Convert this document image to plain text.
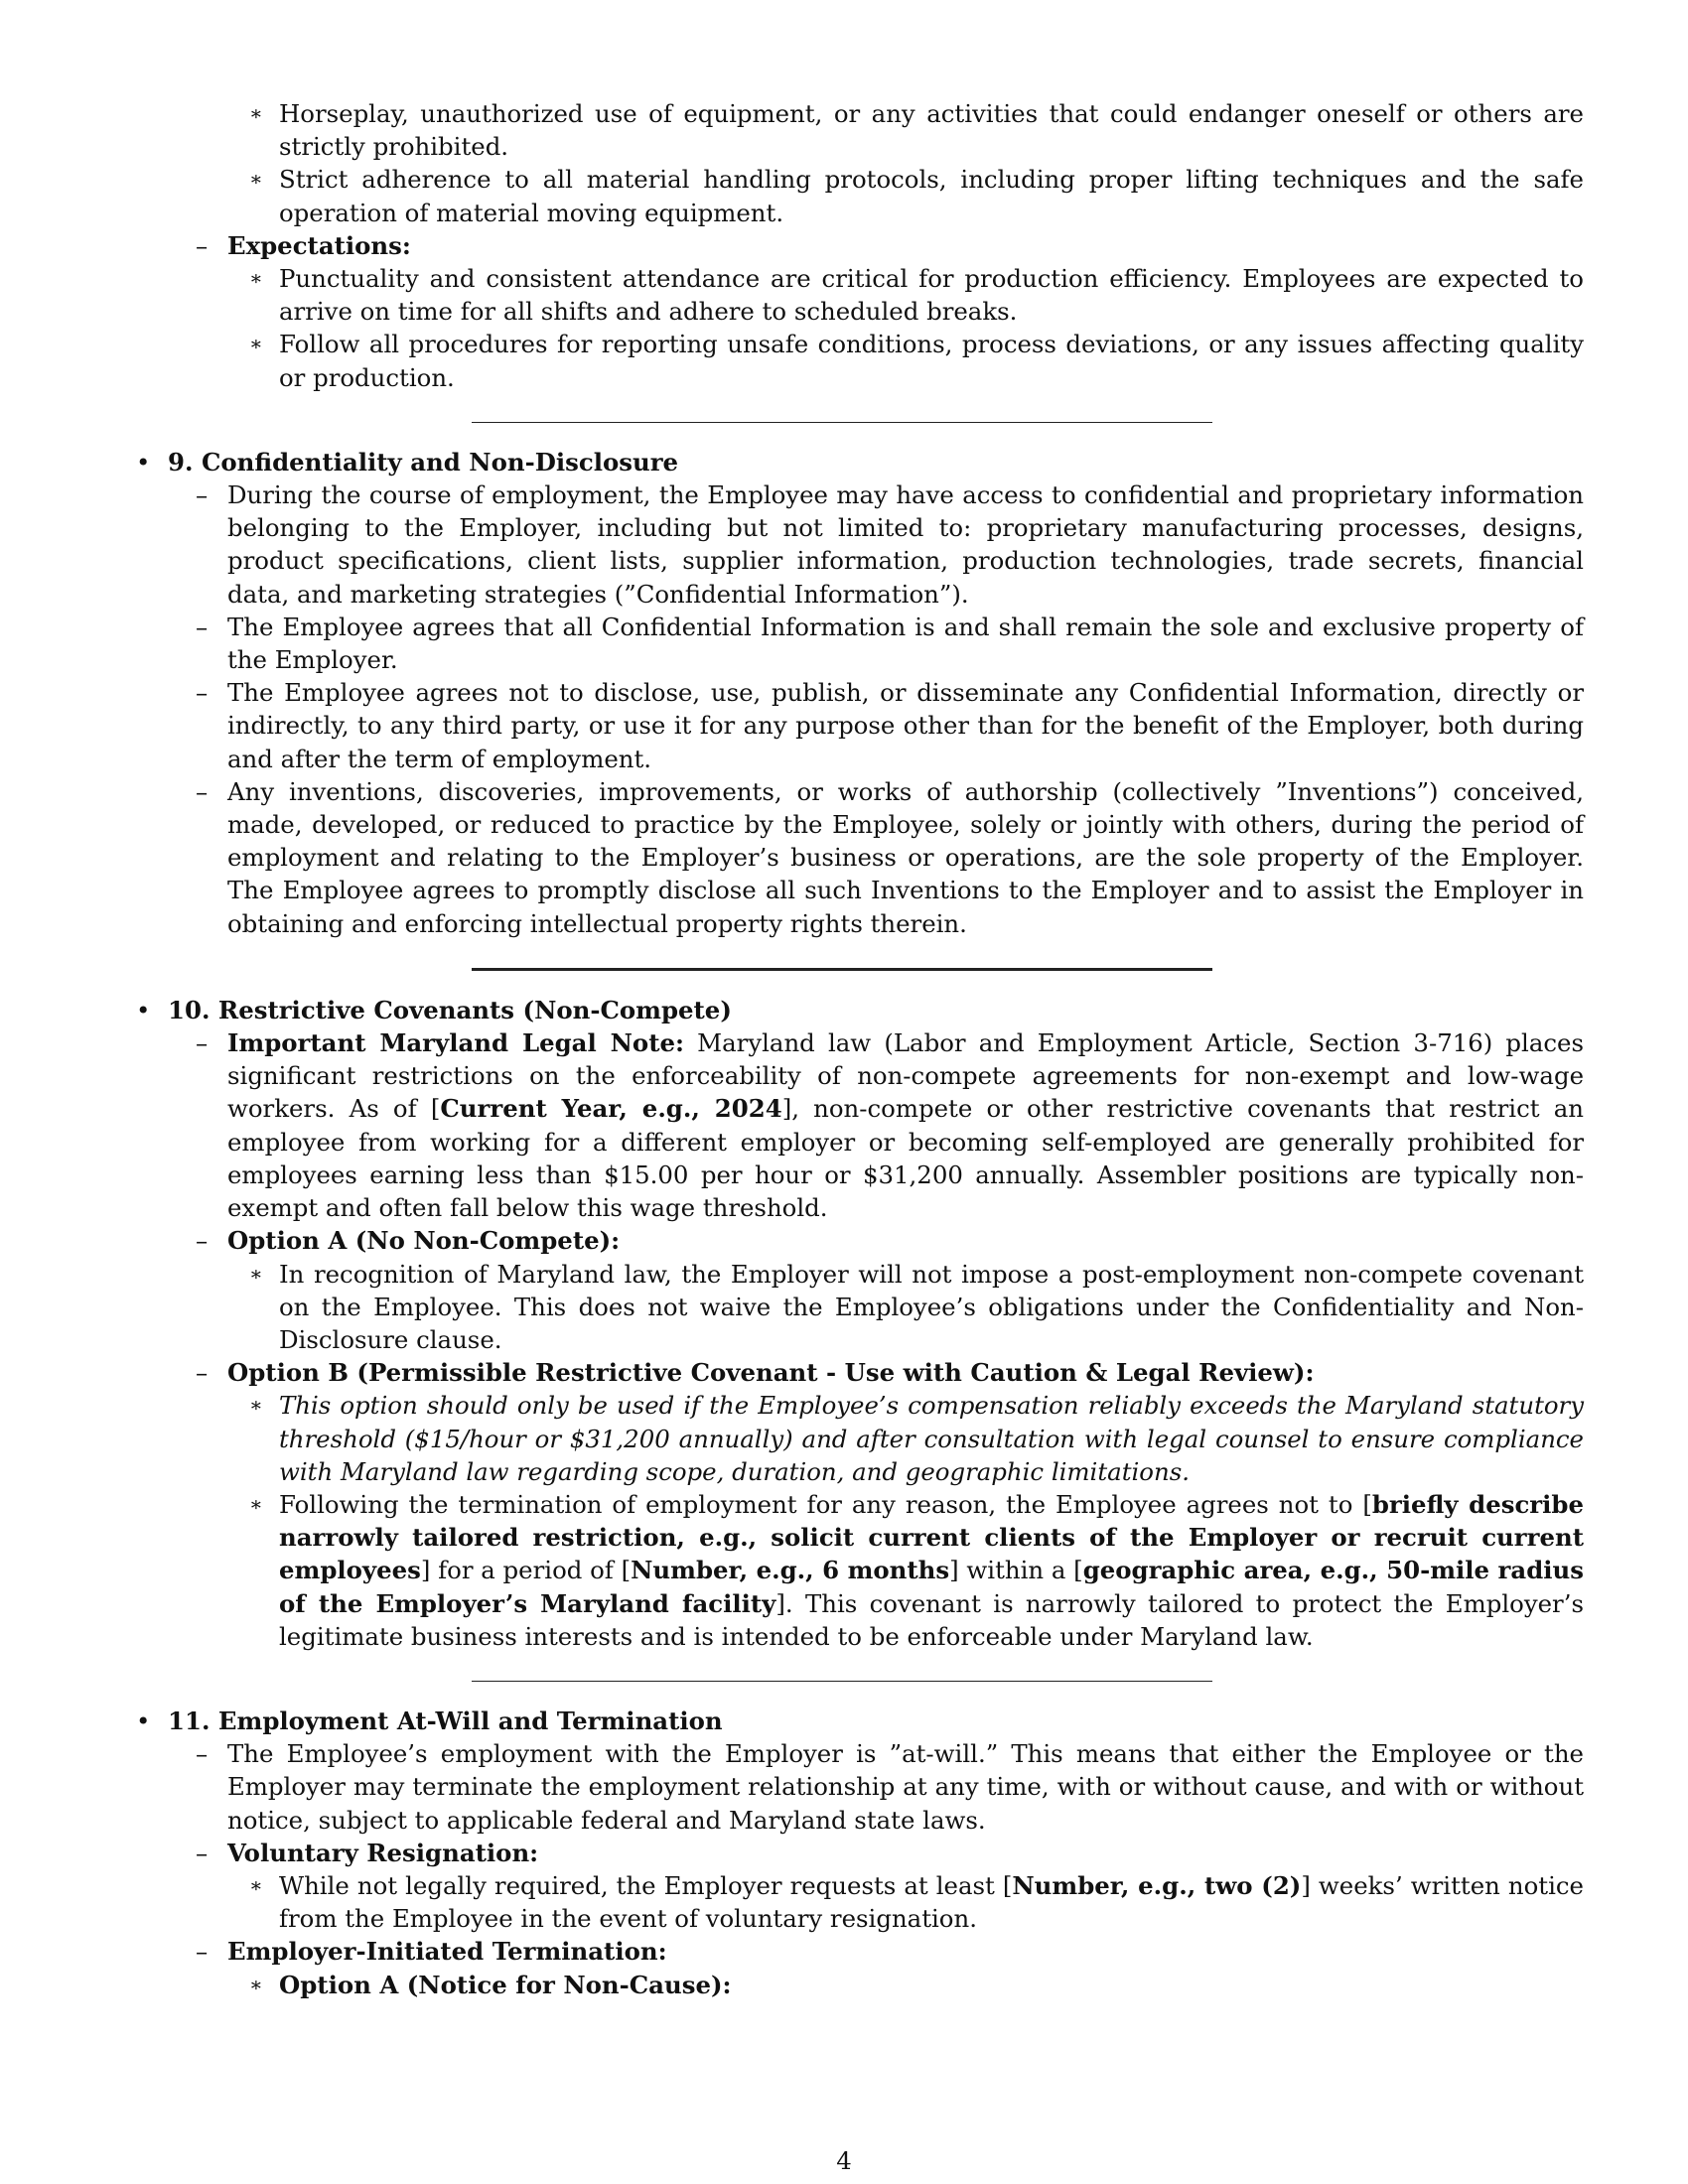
∗ Horseplay, unauthorized use of equipment, or any activities that could endanger oneself or others are strictly prohibited.
∗ Strict adherence to all material handling protocols, including proper lifting techniques and the safe operation of material moving equipment.
– Expectations:
∗ Punctuality and consistent attendance are critical for production efficiency. Employees are expected to arrive on time for all shifts and adhere to scheduled breaks.
∗ Follow all procedures for reporting unsafe conditions, process deviations, or any issues affecting quality or production.
• 9. Confidentiality and Non-Disclosure
– During the course of employment, the Employee may have access to confidential and proprietary information belonging to the Employer, including but not limited to: proprietary manufacturing processes, designs, product specifications, client lists, supplier information, production technologies, trade secrets, financial data, and marketing strategies (”Confidential Information”).
– The Employee agrees that all Confidential Information is and shall remain the sole and exclusive property of the Employer.
– The Employee agrees not to disclose, use, publish, or disseminate any Confidential Information, directly or indirectly, to any third party, or use it for any purpose other than for the benefit of the Employer, both during and after the term of employment.
– Any inventions, discoveries, improvements, or works of authorship (collectively ”Inventions”) conceived, made, developed, or reduced to practice by the Employee, solely or jointly with others, during the period of employment and relating to the Employer’s business or operations, are the sole property of the Employer. The Employee agrees to promptly disclose all such Inventions to the Employer and to assist the Employer in obtaining and enforcing intellectual property rights therein.
• 10. Restrictive Covenants (Non-Compete)
– Important Maryland Legal Note: Maryland law (Labor and Employment Article, Section 3-716) places significant restrictions on the enforceability of non-compete agreements for non-exempt and low-wage workers. As of [Current Year, e.g., 2024], non-compete or other restrictive covenants that restrict an employee from working for a different employer or becoming self-employed are generally prohibited for employees earning less than $15.00 per hour or $31,200 annually. Assembler positions are typically non-exempt and often fall below this wage threshold.
– Option A (No Non-Compete):
∗ In recognition of Maryland law, the Employer will not impose a post-employment non-compete covenant on the Employee. This does not waive the Employee’s obligations under the Confidentiality and Non-Disclosure clause.
– Option B (Permissible Restrictive Covenant - Use with Caution & Legal Review):
∗ This option should only be used if the Employee’s compensation reliably exceeds the Maryland statutory threshold ($15/hour or $31,200 annually) and after consultation with legal counsel to ensure compliance with Maryland law regarding scope, duration, and geographic limitations.
∗ Following the termination of employment for any reason, the Employee agrees not to [briefly describe narrowly tailored restriction, e.g., solicit current clients of the Employer or recruit current employees] for a period of [Number, e.g., 6 months] within a [geographic area, e.g., 50-mile radius of the Employer’s Maryland facility]. This covenant is narrowly tailored to protect the Employer’s legitimate business interests and is intended to be enforceable under Maryland law.
• 11. Employment At-Will and Termination
– The Employee’s employment with the Employer is ”at-will.” This means that either the Employee or the Employer may terminate the employment relationship at any time, with or without cause, and with or without notice, subject to applicable federal and Maryland state laws.
– Voluntary Resignation:
∗ While not legally required, the Employer requests at least [Number, e.g., two (2)] weeks’ written notice from the Employee in the event of voluntary resignation.
– Employer-Initiated Termination:
∗ Option A (Notice for Non-Cause):
4
